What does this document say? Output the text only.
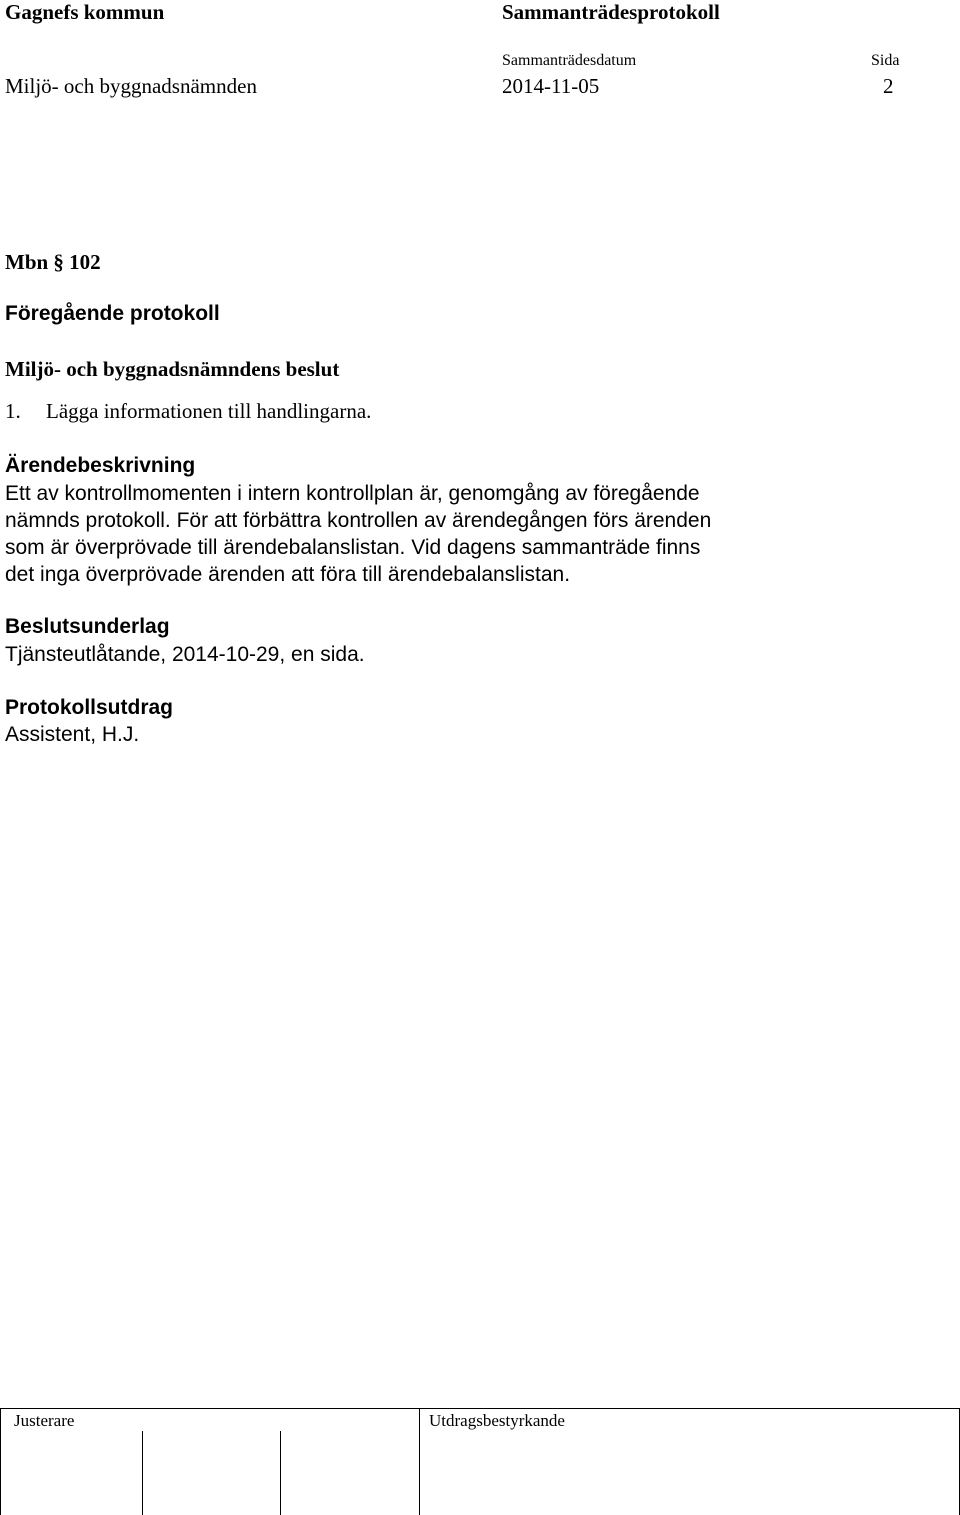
Gagnefs kommun	Sammanträdesprotokoll
Sammanträdesdatum	Sida
Miljö- och byggnadsnämnden	2014-11-05	2
Mbn § 102
Föregående protokoll
Miljö- och byggnadsnämndens beslut
1. Lägga informationen till handlingarna.
Ärendebeskrivning
Ett av kontrollmomenten i intern kontrollplan är, genomgång av föregående
nämnds protokoll. För att förbättra kontrollen av ärendegången förs ärenden
som är överprövade till ärendebalanslistan. Vid dagens sammanträde finns
det inga överprövade ärenden att föra till ärendebalanslistan.
Beslutsunderlag
Tjänsteutlåtande, 2014-10-29, en sida.
Protokollsutdrag
Assistent, H.J.
Justerare	Utdragsbestyrkande
